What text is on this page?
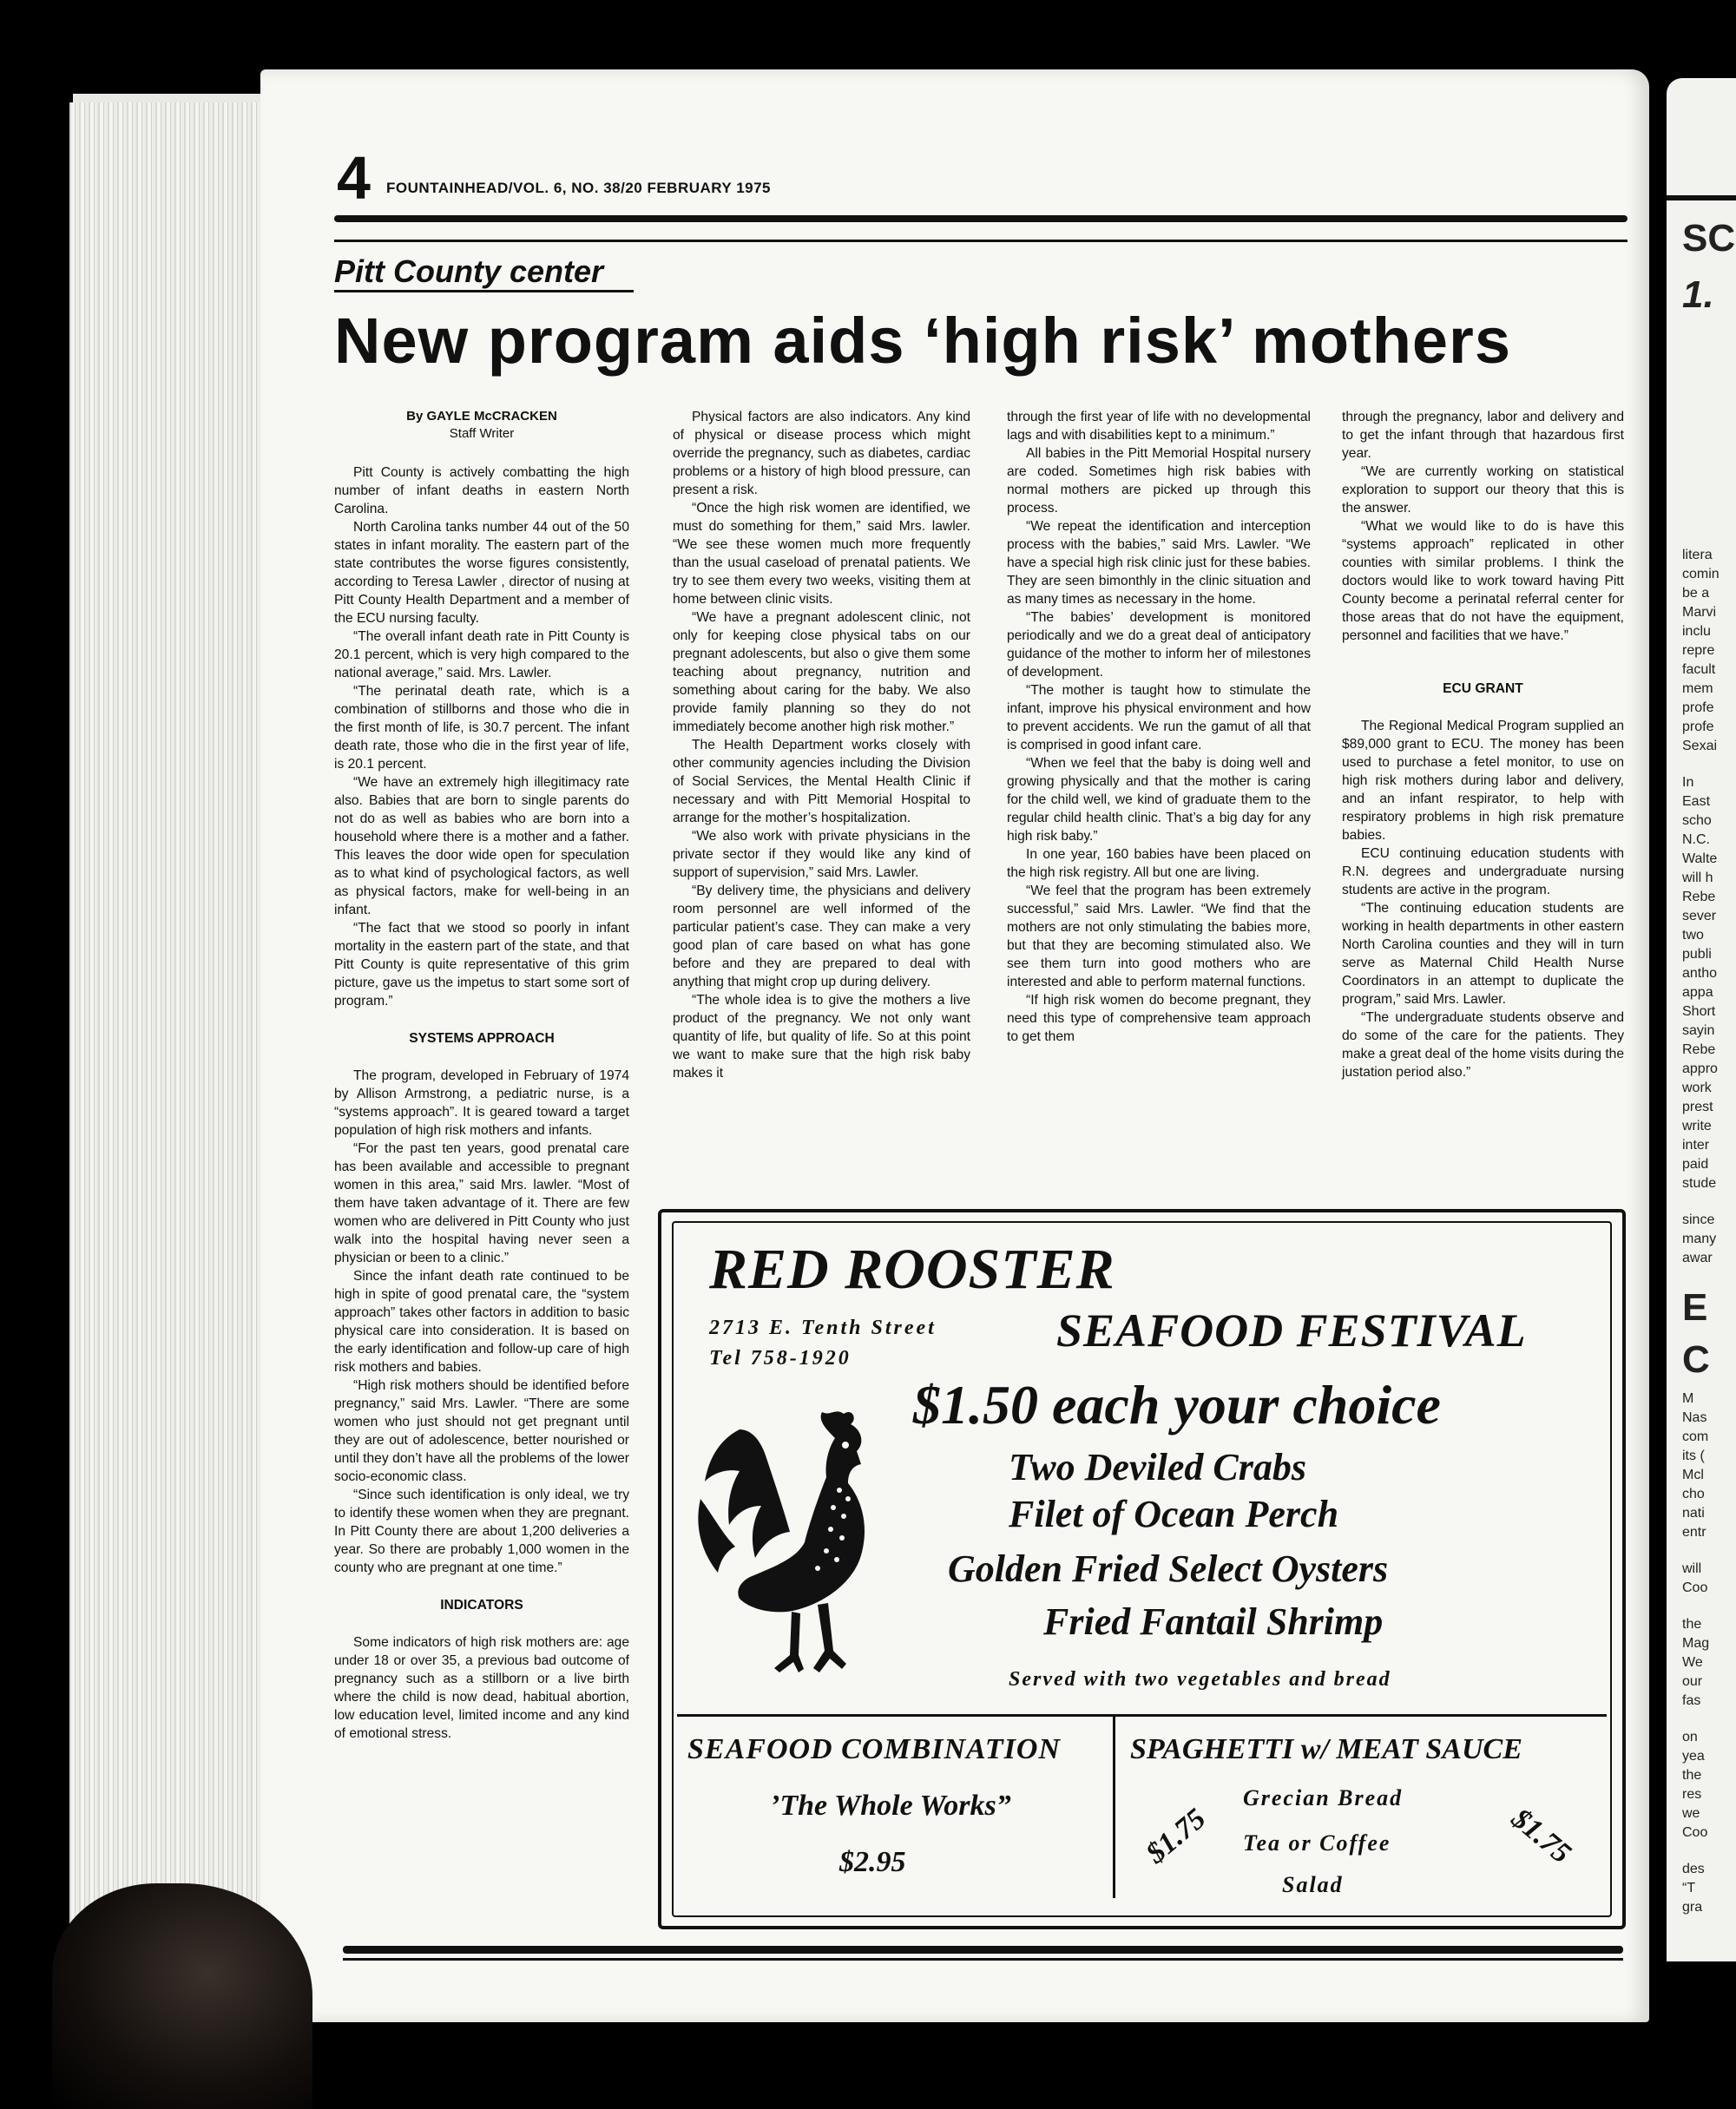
SC
1.
litera
comin
be a
Marvi
inclu
repre
facult
mem
profe
profe
Sexai
In
East
scho
N.C.
Walte
will h
Rebe
sever
two
publi
antho
appa
Short
sayin
Rebe
appro
work
prest
write
inter
paid
stude
since
many
awar
E
C
M
Nas
com
its (
Mcl
cho
nati
entr
will
Coo
the
Mag
We
our
fas
on
yea
the
res
we
Coo
des
“T
gra
4 FOUNTAINHEAD/VOL. 6, NO. 38/20 FEBRUARY 1975
Pitt County center
New program aids ‘high risk’ mothers
By GAYLE McCRACKEN
Staff Writer

Pitt County is actively combatting the high number of infant deaths in eastern North Carolina.

North Carolina tanks number 44 out of the 50 states in infant morality. The eastern part of the state contributes the worse figures consistently, according to Teresa Lawler , director of nusing at Pitt County Health Department and a member of the ECU nursing faculty.

“The overall infant death rate in Pitt County is 20.1 percent, which is very high compared to the national average,” said. Mrs. Lawler.

“The perinatal death rate, which is a combination of stillborns and those who die in the first month of life, is 30.7 percent. The infant death rate, those who die in the first year of life, is 20.1 percent.

“We have an extremely high illegitimacy rate also. Babies that are born to single parents do not do as well as babies who are born into a household where there is a mother and a father. This leaves the door wide open for speculation as to what kind of psychological factors, as well as physical factors, make for well-being in an infant.

“The fact that we stood so poorly in infant mortality in the eastern part of the state, and that Pitt County is quite representative of this grim picture, gave us the impetus to start some sort of program.”

SYSTEMS APPROACH

The program, developed in February of 1974 by Allison Armstrong, a pediatric nurse, is a “systems approach”. It is geared toward a target population of high risk mothers and infants.

“For the past ten years, good prenatal care has been available and accessible to pregnant women in this area,” said Mrs. lawler. “Most of them have taken advantage of it. There are few women who are delivered in Pitt County who just walk into the hospital having never seen a physician or been to a clinic.”

Since the infant death rate continued to be high in spite of good prenatal care, the “system approach” takes other factors in addition to basic physical care into consideration. It is based on the early identification and follow-up care of high risk mothers and babies.

“High risk mothers should be identified before pregnancy,” said Mrs. Lawler. “There are some women who just should not get pregnant until they are out of adolescence, better nourished or until they don’t have all the problems of the lower socio-economic class.

“Since such identification is only ideal, we try to identify these women when they are pregnant. In Pitt County there are about 1,200 deliveries a year. So there are probably 1,000 women in the county who are pregnant at one time.”

INDICATORS

Some indicators of high risk mothers are: age under 18 or over 35, a previous bad outcome of pregnancy such as a stillborn or a live birth where the child is now dead, habitual abortion, low education level, limited income and any kind of emotional stress.

Physical factors are also indicators. Any kind of physical or disease process which might override the pregnancy, such as diabetes, cardiac problems or a history of high blood pressure, can present a risk.

“Once the high risk women are identified, we must do something for them,” said Mrs. lawler. “We see these women much more frequently than the usual caseload of prenatal patients. We try to see them every two weeks, visiting them at home between clinic visits.

“We have a pregnant adolescent clinic, not only for keeping close physical tabs on our pregnant adolescents, but also o give them some teaching about pregnancy, nutrition and something about caring for the baby. We also provide family planning so they do not immediately become another high risk mother.”

The Health Department works closely with other community agencies including the Division of Social Services, the Mental Health Clinic if necessary and with Pitt Memorial Hospital to arrange for the mother’s hospitalization.

“We also work with private physicians in the private sector if they would like any kind of support of supervision,” said Mrs. Lawler.

“By delivery time, the physicians and delivery room personnel are well informed of the particular patient’s case. They can make a very good plan of care based on what has gone before and they are prepared to deal with anything that might crop up during delivery.

“The whole idea is to give the mothers a live product of the pregnancy. We not only want quantity of life, but quality of life. So at this point we want to make sure that the high risk baby makes it

through the first year of life with no developmental lags and with disabilities kept to a minimum.”

All babies in the Pitt Memorial Hospital nursery are coded. Sometimes high risk babies with normal mothers are picked up through this process.

“We repeat the identification and interception process with the babies,” said Mrs. Lawler. “We have a special high risk clinic just for these babies. They are seen bimonthly in the clinic situation and as many times as necessary in the home.

“The babies’ development is monitored periodically and we do a great deal of anticipatory guidance of the mother to inform her of milestones of development.

“The mother is taught how to stimulate the infant, improve his physical environment and how to prevent accidents. We run the gamut of all that is comprised in good infant care.

“When we feel that the baby is doing well and growing physically and that the mother is caring for the child well, we kind of graduate them to the regular child health clinic. That’s a big day for any high risk baby.”

In one year, 160 babies have been placed on the high risk registry. All but one are living.

“We feel that the program has been extremely successful,” said Mrs. Lawler. “We find that the mothers are not only stimulating the babies more, but that they are becoming stimulated also. We see them turn into good mothers who are interested and able to perform maternal functions.

“If high risk women do become pregnant, they need this type of comprehensive team approach to get them

through the pregnancy, labor and delivery and to get the infant through that hazardous first year.

“We are currently working on statistical exploration to support our theory that this is the answer.

“What we would like to do is have this “systems approach” replicated in other counties with similar problems. I think the doctors would like to work toward having Pitt County become a perinatal referral center for those areas that do not have the equipment, personnel and facilities that we have.”

ECU GRANT

The Regional Medical Program supplied an $89,000 grant to ECU. The money has been used to purchase a fetel monitor, to use on high risk mothers during labor and delivery, and an infant respirator, to help with respiratory problems in high risk premature babies.

ECU continuing education students with R.N. degrees and undergraduate nursing students are active in the program.

“The continuing education students are working in health departments in other eastern North Carolina counties and they will in turn serve as Maternal Child Health Nurse Coordinators in an attempt to duplicate the program,” said Mrs. Lawler.

“The undergraduate students observe and do some of the care for the patients. They make a great deal of the home visits during the justation period also.”

RED ROOSTER
2713 E. Tenth Street
Tel 758-1920
SEAFOOD FESTIVAL
$1.50 each your choice
Two Deviled Crabs
Filet of Ocean Perch
Golden Fried Select Oysters
Fried Fantail Shrimp
Served with two vegetables and bread
SEAFOOD COMBINATION
’The Whole Works”
$2.95
SPAGHETTI w/ MEAT SAUCE
Grecian Bread
Tea or Coffee
Salad
$1.75	$1.75
